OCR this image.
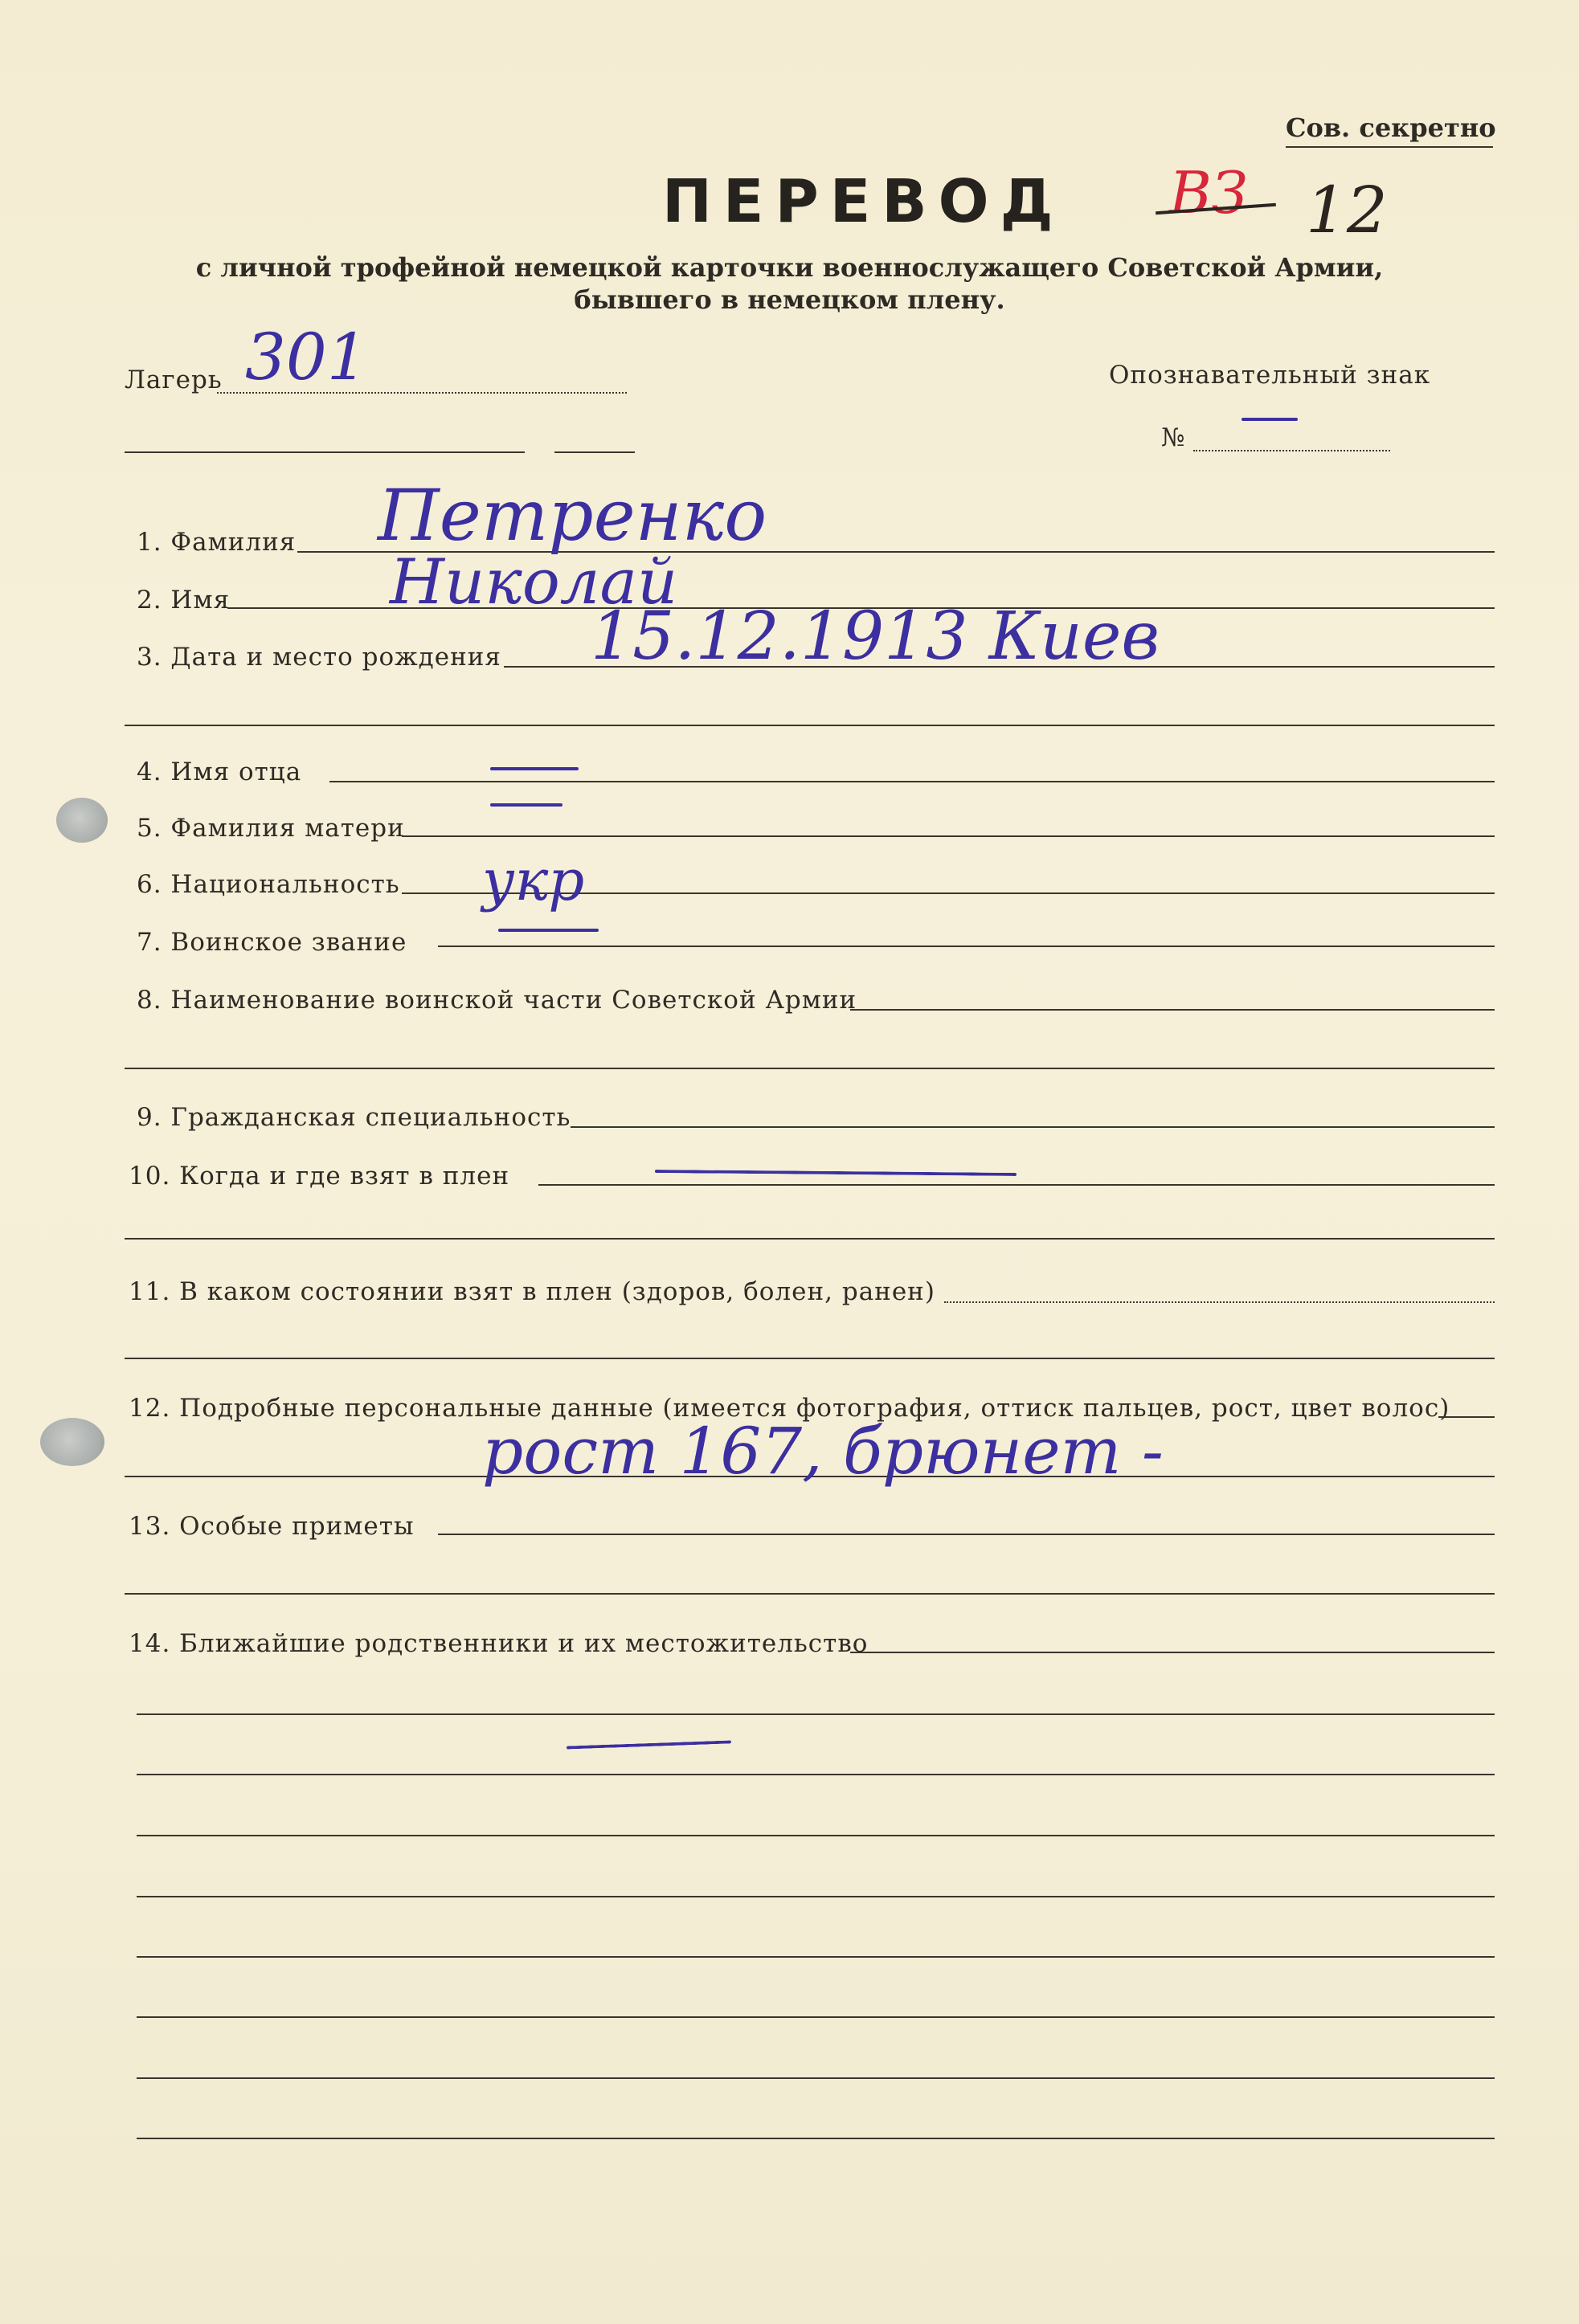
Сов. секретно
ПЕРЕВОД ВЗ 12
с личной трофейной немецкой карточки военнослужащего Советской Армии,
бывшего в немецком плену.
Лагерь 301	Опознавательный знак
№
1. Фамилия Петренко
2. Имя	Николай
3. Дата и место рождения 15.12.1913 Киев
4. Имя отца
5. Фамилия матери
6. Национальность укр
7. Воинское звание
8. Наименование воинской части Советской Армии
9. Гражданская специальность
10. Когда и где взят в плен
11. В каком состоянии взят в плен (здоров, болен, ранен)
12. Подробные персональные данные (имеется фотография, оттиск пальцев, рост, цвет волос)
рост 167, брюнет -
13. Особые приметы
14. Ближайшие родственники и их местожительство
